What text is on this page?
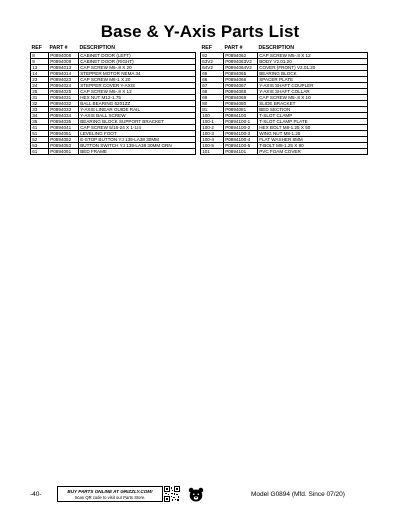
Base & Y-Axis Parts List
REF	PART #	DESCRIPTION
8	P0894008	CABINET DOOR (LEFT)
9	P0894009	CABINET DOOR (RIGHT)
13	P0894013	CAP SCREW M5-.8 X 20
14	P0894014	STEPPER MOTOR NEMA 34
23	P0894023	CAP SCREW M6-1 X 20
24	P0894024	STEPPER COVER Y-AXIS
25	P0894025	CAP SCREW M5-.8 X 12
31	P0894031	HEX NUT M12-1.75
32	P0894032	BALL BEARING 6201ZZ
33	P0894033	Y-AXIS LINEAR GUIDE RAIL
34	P0894034	Y-AXIS BALL SCREW
35	P0894035	BEARING BLOCK SUPPORT BRACKET
41	P0894041	CAP SCREW 5/16-24 X 1-1/4
51	P0894051	LEVELING FOOT
52	P0894052	E-STOP BUTTON YJ 139-LA38 30MM
53	P0894053	BUTTON SWITCH YJ 139-LA38 30MM GRN
61	P0894061	BED FRAME
REF	PART #	DESCRIPTION
62	P0894062	CAP SCREW M5-.8 X 12
63V2	P0894063V2	BODY V2.01.20
64V2	P0894064V2	COVER (FRONT) V2.01.20
65	P0894065	BEARING BLOCK
66	P0894066	SPACER PLATE
67	P0894067	Y-AXIS SHAFT COUPLER
68	P0894068	Y-AXIS SHAFT COLLAR
69	P0894069	CAP SCREW M5-.8 X 10
80	P0894080	SLIDE BRACKET
81	P0894081	BED SECTION
100	P0894100	T-SLOT CLAMP
100-1	P0894100-1	T-SLOT CLAMP PLATE
100-2	P0894100-2	HEX BOLT M8-1.25 X 50
100-3	P0894100-3	WING NUT M8-1.25
100-4	P0894100-4	FLAT WASHER 8MM
100-5	P0894100-5	T-BOLT M8-1.25 X 80
101	P0894101	PVC FOAM COVER
-40-	BUY PARTS ONLINE AT GRIZZLY.COM!
Scan QR code to visit our Parts Store.	Model G0894 (Mfd. Since 07/20)
